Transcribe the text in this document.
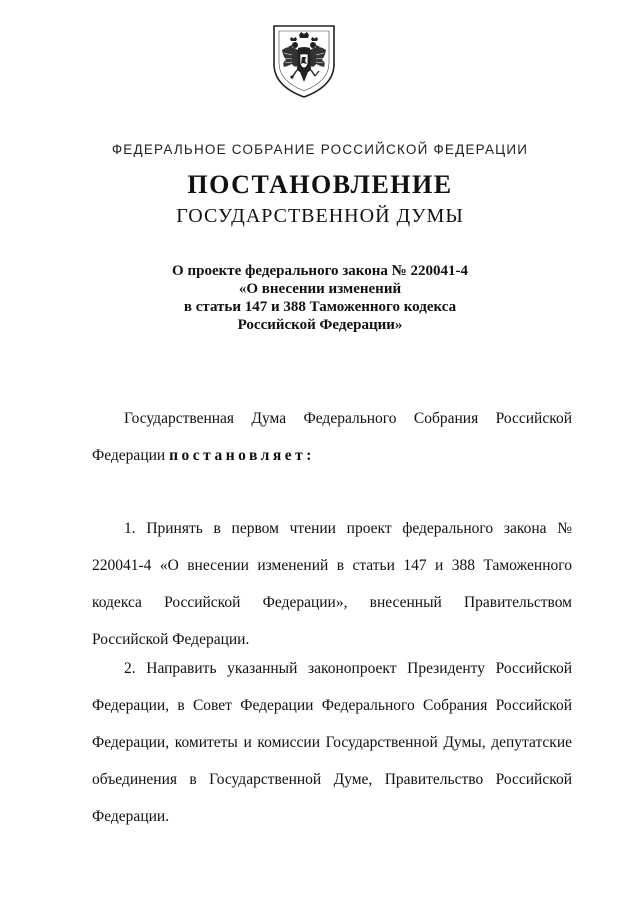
ФЕДЕРАЛЬНОЕ СОБРАНИЕ РОССИЙСКОЙ ФЕДЕРАЦИИ
ПОСТАНОВЛЕНИЕ
ГОСУДАРСТВЕННОЙ ДУМЫ
О проекте федерального закона № 220041-4
«О внесении изменений
в статьи 147 и 388 Таможенного кодекса
Российской Федерации»
Государственная Дума Федерального Собрания Российской Федерации постановляет:
1. Принять в первом чтении проект федерального закона № 220041-4 «О внесении изменений в статьи 147 и 388 Таможенного кодекса Российской Федерации», внесенный Правительством Российской Федерации.
2. Направить указанный законопроект Президенту Российской Федерации, в Совет Федерации Федерального Собрания Российской Федерации, комитеты и комиссии Государственной Думы, депутатские объединения в Государственной Думе, Правительство Российской Федерации.
